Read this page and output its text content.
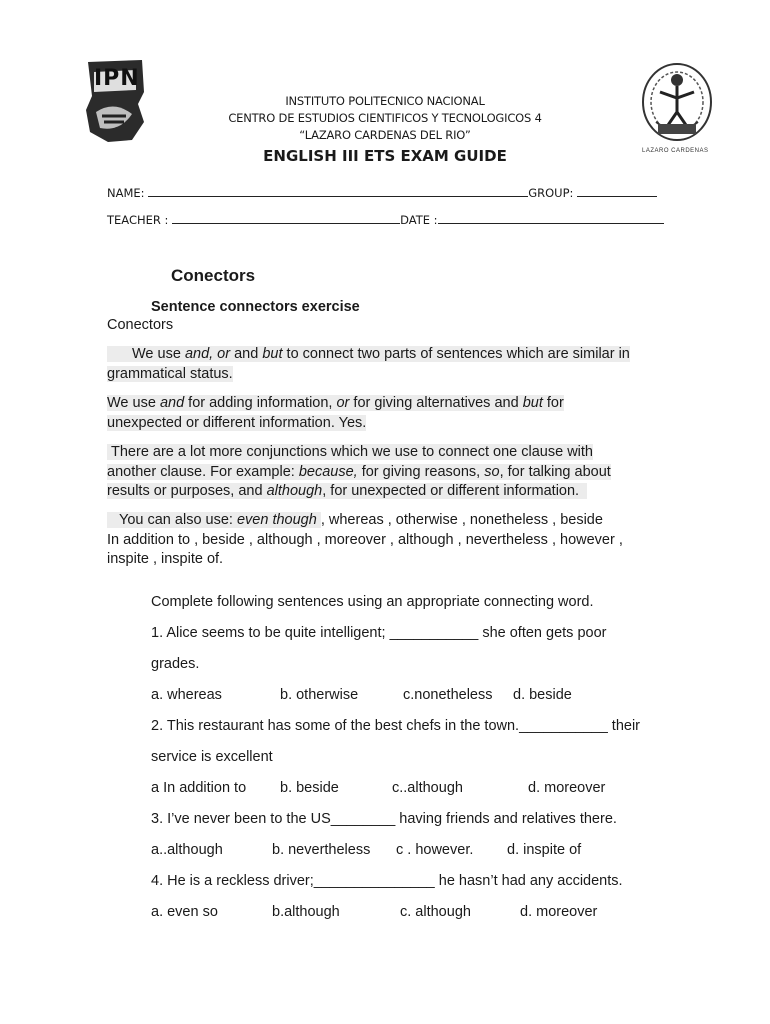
IPN
LAZARO CARDENAS
INSTITUTO POLITECNICO NACIONAL
CENTRO DE ESTUDIOS CIENTIFICOS Y TECNOLOGICOS 4
“LAZARO CARDENAS DEL RIO”
ENGLISH III ETS EXAM GUIDE
NAME:	GROUP:
TEACHER :	DATE :
Conectors
Sentence connectors exercise
Conectors
We use and, or and but to connect two parts of sentences which are similar in
grammatical status.
We use and for adding information, or for giving alternatives and but for
unexpected or different information. Yes.
There are a lot more conjunctions which we use to connect one clause with
another clause. For example: because, for giving reasons, so, for talking about
results or purposes, and although, for unexpected or different information.
You can also use: even though , whereas , otherwise , nonetheless , beside
In addition to , beside , although , moreover , although , nevertheless , however ,
inspite , inspite of.
Complete following sentences using an appropriate connecting word.
1. Alice seems to be quite intelligent; ___________ she often gets poor
grades.
a. whereas	b. otherwise	c.nonetheless d. beside
2. This restaurant has some of the best chefs in the town.___________ their
service is excellent
a In addition to b. beside	c..although	d. moreover
3. I’ve never been to the US________ having friends and relatives there.
a..although	b. nevertheless c . however. d. inspite of
4. He is a reckless driver;_______________ he hasn’t had any accidents.
a. even so	b.although	c. although	d. moreover
